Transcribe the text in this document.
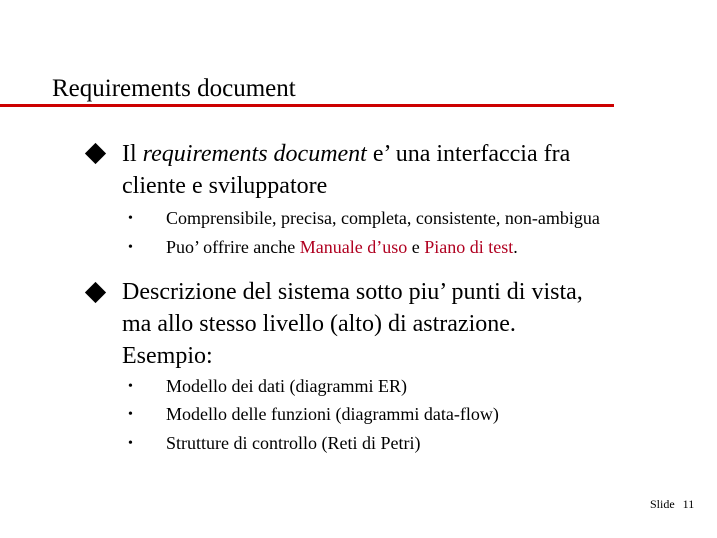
Requirements document
Il requirements document e’ una interfaccia fra
cliente e sviluppatore
• Comprensibile, precisa, completa, consistente, non-ambigua
• Puo’ offrire anche Manuale d’uso e Piano di test.
Descrizione del sistema sotto piu’ punti di vista,
ma allo stesso livello (alto) di astrazione.
Esempio:
• Modello dei dati (diagrammi ER)
• Modello delle funzioni (diagrammi data-flow)
• Strutture di controllo (Reti di Petri)
Slide 11
